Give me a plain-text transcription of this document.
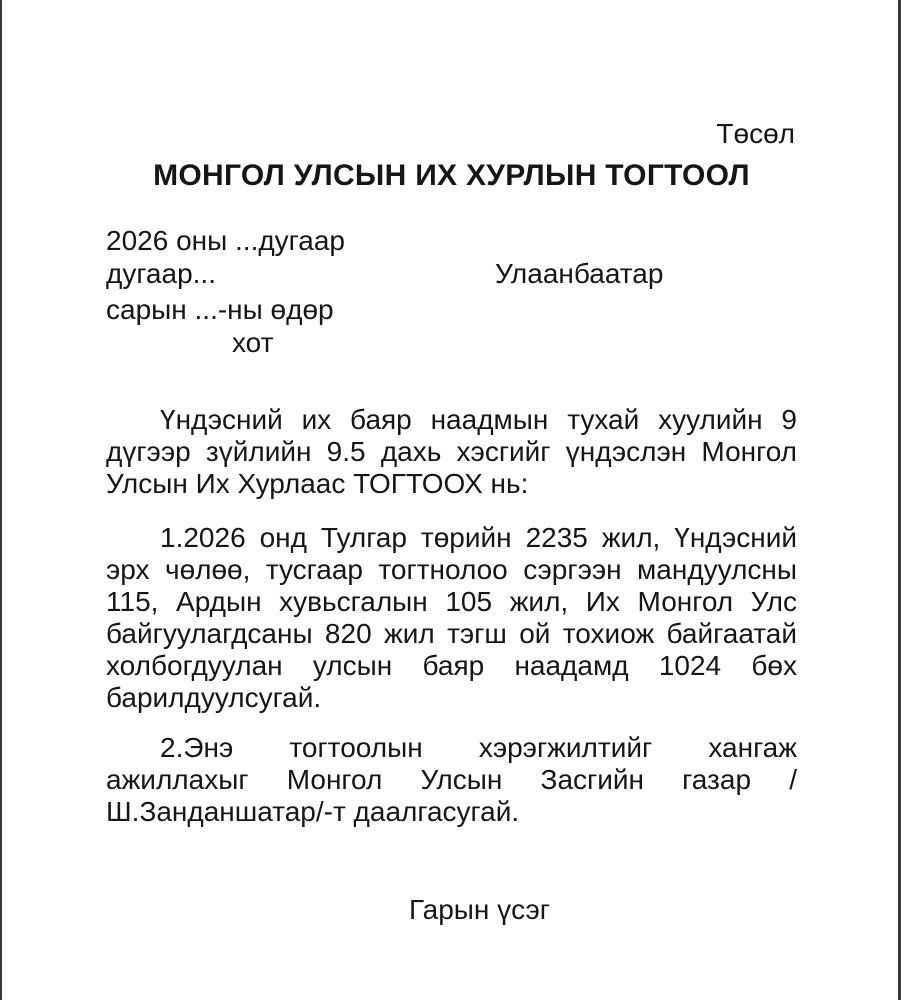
Төсөл
МОНГОЛ УЛСЫН ИХ ХУРЛЫН ТОГТООЛ
2026 оны ...дугаар
дугаар...	Улаанбаатар
сарын ...-ны өдөр
хот

Үндэсний их баяр наадмын тухай хуулийн 9 дүгээр зүйлийн 9.5 дахь хэсгийг үндэслэн Монгол Улсын Их Хурлаас ТОГТООХ нь:

1.2026 онд Тулгар төрийн 2235 жил, Үндэсний эрх чөлөө, тусгаар тогтнолоо сэргээн мандуулсны 115, Ардын хувьсгалын 105 жил, Их Монгол Улс байгуулагдсаны 820 жил тэгш ой тохиож байгаатай холбогдуулан улсын баяр наадамд 1024 бөх барилдуулсугай.

2.Энэ тогтоолын хэрэгжилтийг хангаж ажиллахыг Монгол Улсын Засгийн газар /Ш.Занданшатар/-т даалгасугай.

Гарын үсэг
